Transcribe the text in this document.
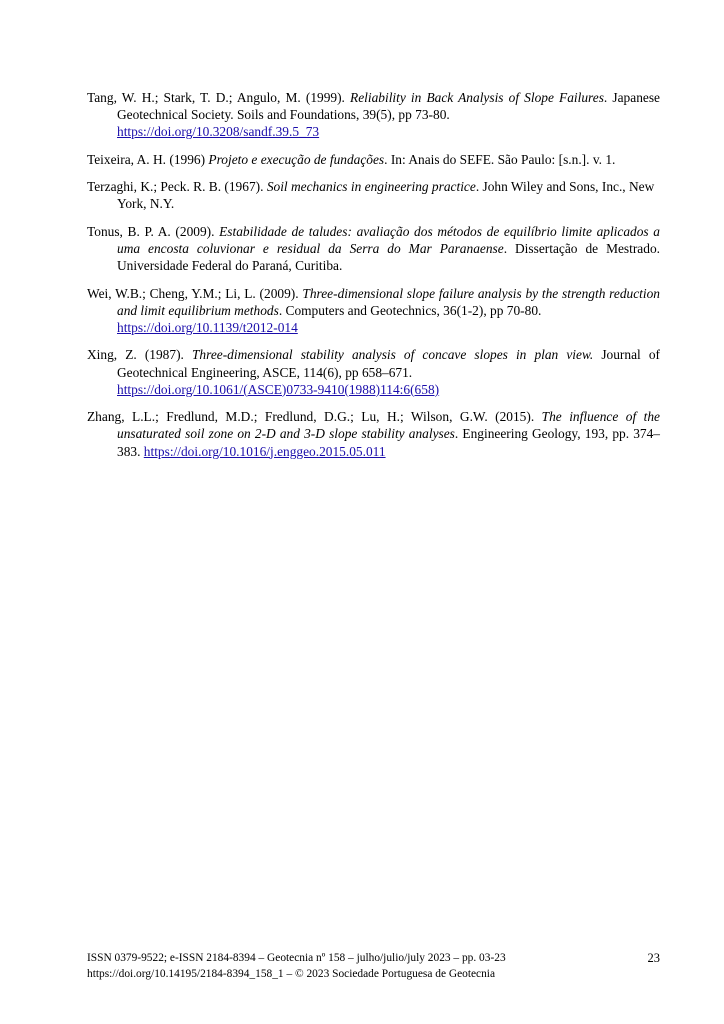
Tang, W. H.; Stark, T. D.; Angulo, M. (1999). Reliability in Back Analysis of Slope Failures. Japanese Geotechnical Society. Soils and Foundations, 39(5), pp 73-80.
https://doi.org/10.3208/sandf.39.5_73

Teixeira, A. H. (1996) Projeto e execução de fundações. In: Anais do SEFE. São Paulo: [s.n.]. v. 1.

Terzaghi, K.; Peck. R. B. (1967). Soil mechanics in engineering practice. John Wiley and Sons, Inc., New York, N.Y.

Tonus, B. P. A. (2009). Estabilidade de taludes: avaliação dos métodos de equilíbrio limite aplicados a uma encosta coluvionar e residual da Serra do Mar Paranaense. Dissertação de Mestrado. Universidade Federal do Paraná, Curitiba.

Wei, W.B.; Cheng, Y.M.; Li, L. (2009). Three-dimensional slope failure analysis by the strength reduction and limit equilibrium methods. Computers and Geotechnics, 36(1-2), pp 70-80.
https://doi.org/10.1139/t2012-014

Xing, Z. (1987). Three-dimensional stability analysis of concave slopes in plan view. Journal of Geotechnical Engineering, ASCE, 114(6), pp 658–671.
https://doi.org/10.1061/(ASCE)0733-9410(1988)114:6(658)

Zhang, L.L.; Fredlund, M.D.; Fredlund, D.G.; Lu, H.; Wilson, G.W. (2015). The influence of the unsaturated soil zone on 2-D and 3-D slope stability analyses. Engineering Geology, 193, pp. 374–383. https://doi.org/10.1016/j.enggeo.2015.05.011

ISSN 0379-9522; e-ISSN 2184-8394 – Geotecnia nº 158 – julho/julio/july 2023 – pp. 03-23
https://doi.org/10.14195/2184-8394_158_1 – © 2023 Sociedade Portuguesa de Geotecnia
23
